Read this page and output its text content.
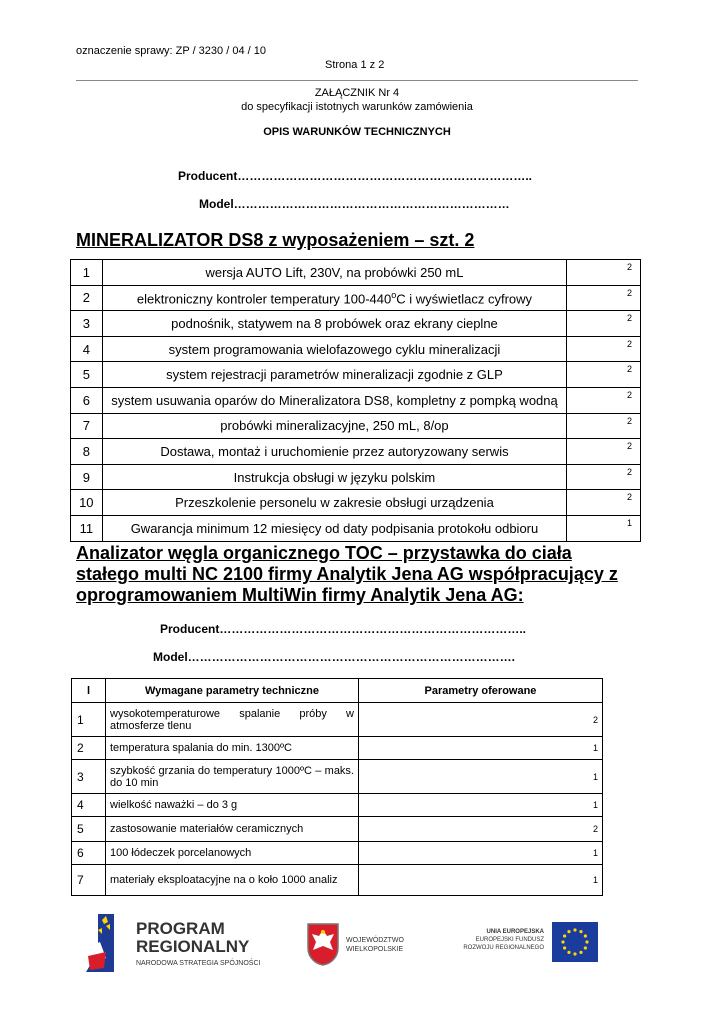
oznaczenie sprawy: ZP / 3230 / 04 / 10
Strona 1 z 2
ZAŁĄCZNIK Nr 4
do specyfikacji istotnych warunków zamówienia
OPIS WARUNKÓW TECHNICZNYCH
Producent………………………………………………………………..
Model……………………………………………………………
MINERALIZATOR DS8 z wyposażeniem – szt. 2
1	wersja AUTO Lift, 230V, na probówki 250 mL	2
2	elektroniczny kontroler temperatury 100-440$^o$C i wyświetlacz cyfrowy	2
3	podnośnik, statywem na 8 probówek oraz ekrany cieplne	2
4	system programowania wielofazowego cyklu mineralizacji	2
5	system rejestracji parametrów mineralizacji zgodnie z GLP	2
6	system usuwania oparów do Mineralizatora DS8, kompletny z pompką wodną	2
7	probówki mineralizacyjne, 250 mL, 8/op	2
8	Dostawa, montaż i uruchomienie przez autoryzowany serwis	2
9	Instrukcja obsługi w języku polskim	2
10	Przeszkolenie personelu w zakresie obsługi urządzenia	2
11	Gwarancja minimum 12 miesięcy od daty podpisania protokołu odbioru	1
Analizator węgla organicznego TOC – przystawka do ciała stałego multi NC 2100 firmy Analytik Jena AG współpracujący z oprogramowaniem MultiWin firmy Analytik Jena AG:
Producent…………………………………………………………………..
Model……………………………………………………………………….
l	Wymagane parametry techniczne	Parametry oferowane
1	wysokotemperaturowe spalanie próby w atmosferze tlenu	2
2	temperatura spalania do min. 1300ºC	1
3	szybkość grzania do temperatury 1000ºC – maks. do 10 min	1
4	wielkość naważki – do 3 g	1
5	zastosowanie materiałów ceramicznych	2
6	100 łódeczek porcelanowych	1
7	materiały eksploatacyjne na o koło 1000 analiz	1
PROGRAM
REGIONALNY
NARODOWA STRATEGIA SPÓJNOŚCI
WOJEWÓDZTWO
WIELKOPOLSKIE
UNIA EUROPEJSKA
EUROPEJSKI FUNDUSZ
ROZWOJU REGIONALNEGO
